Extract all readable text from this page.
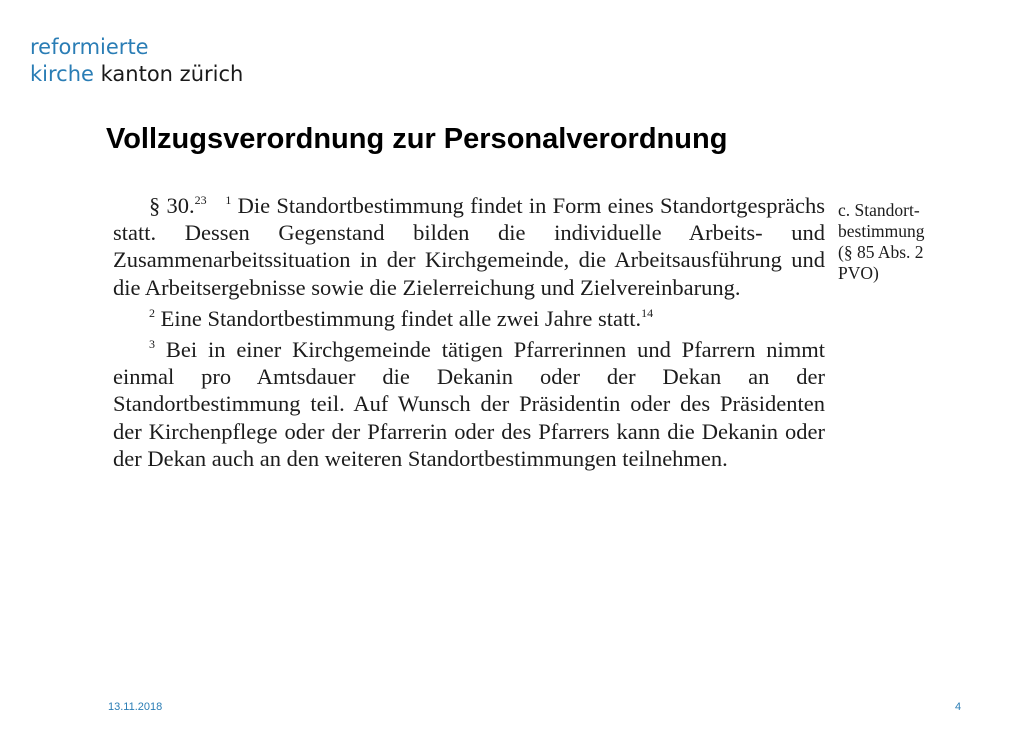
reformierte
kirche kanton zürich
Vollzugsverordnung zur Personalverordnung

§ 30.23 $^1$ Die Standortbestimmung findet in Form eines Standortgesprächs statt. Dessen Gegenstand bilden die individuelle Arbeits- und Zusammenarbeitssituation in der Kirchgemeinde, die Arbeitsausführung und die Arbeitsergebnisse sowie die Zielerreichung und Zielvereinbarung.

$^2$ Eine Standortbestimmung findet alle zwei Jahre statt.$^{14}$

$^3$ Bei in einer Kirchgemeinde tätigen Pfarrerinnen und Pfarrern nimmt einmal pro Amtsdauer die Dekanin oder der Dekan an der Standortbestimmung teil. Auf Wunsch der Präsidentin oder des Präsidenten der Kirchenpflege oder der Pfarrerin oder des Pfarrers kann die Dekanin oder der Dekan auch an den weiteren Standortbestimmungen teilnehmen.

c. Standort-
bestimmung
(§ 85 Abs. 2
PVO)
13.11.2018	4
